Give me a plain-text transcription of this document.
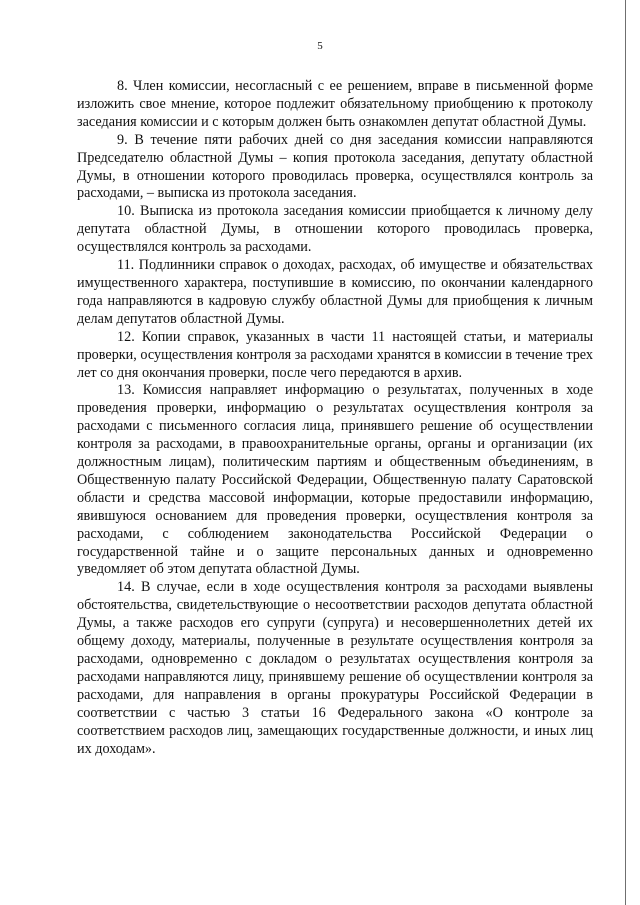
5

8. Член комиссии, несогласный с ее решением, вправе в письменной форме изложить свое мнение, которое подлежит обязательному приобщению к протоколу заседания комиссии и с которым должен быть ознакомлен депутат областной Думы.

9. В течение пяти рабочих дней со дня заседания комиссии направляются Председателю областной Думы – копия протокола заседания, депутату областной Думы, в отношении которого проводилась проверка, осуществлялся контроль за расходами, – выписка из протокола заседания.

10. Выписка из протокола заседания комиссии приобщается к личному делу депутата областной Думы, в отношении которого проводилась проверка, осуществлялся контроль за расходами.

11. Подлинники справок о доходах, расходах, об имуществе и обязательствах имущественного характера, поступившие в комиссию, по окончании календарного года направляются в кадровую службу областной Думы для приобщения к личным делам депутатов областной Думы.

12. Копии справок, указанных в части 11 настоящей статьи, и материалы проверки, осуществления контроля за расходами хранятся в комиссии в течение трех лет со дня окончания проверки, после чего передаются в архив.

13. Комиссия направляет информацию о результатах, полученных в ходе проведения проверки, информацию о результатах осуществления контроля за расходами с письменного согласия лица, принявшего решение об осуществлении контроля за расходами, в правоохранительные органы, органы и организации (их должностным лицам), политическим партиям и общественным объединениям, в Общественную палату Российской Федерации, Общественную палату Саратовской области и средства массовой информации, которые предоставили информацию, явившуюся основанием для проведения проверки, осуществления контроля за расходами, с соблюдением законодательства Российской Федерации о государственной тайне и о защите персональных данных и одновременно уведомляет об этом депутата областной Думы.

14. В случае, если в ходе осуществления контроля за расходами выявлены обстоятельства, свидетельствующие о несоответствии расходов депутата областной Думы, а также расходов его супруги (супруга) и несовершеннолетних детей их общему доходу, материалы, полученные в результате осуществления контроля за расходами, одновременно с докладом о результатах осуществления контроля за расходами направляются лицу, принявшему решение об осуществлении контроля за расходами, для направления в органы прокуратуры Российской Федерации в соответствии с частью 3 статьи 16 Федерального закона «О контроле за соответствием расходов лиц, замещающих государственные должности, и иных лиц их доходам».
